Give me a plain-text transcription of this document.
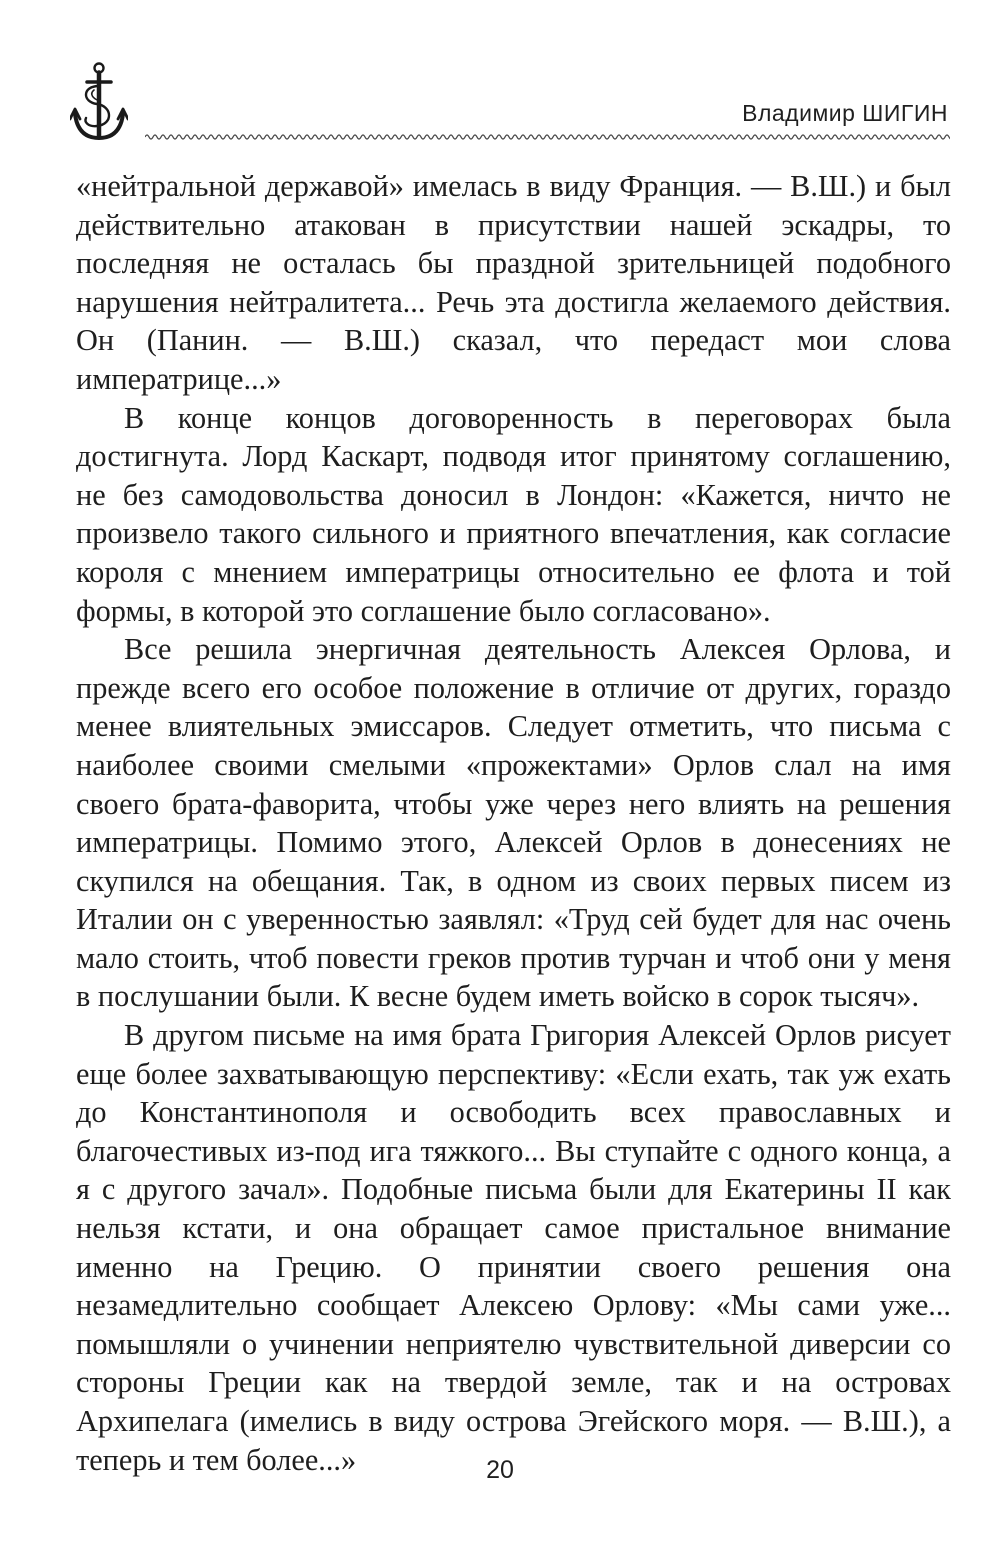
Владимир ШИГИН

«нейтральной державой» имелась в виду Франция. — В.Ш.) и был действительно атакован в присутствии нашей эскадры, то последняя не осталась бы праздной зрительницей подобного нарушения нейтралитета... Речь эта достигла желаемого действия. Он (Панин. — В.Ш.) сказал, что передаст мои слова императрице...»

В конце концов договоренность в переговорах была достигнута. Лорд Каскарт, подводя итог принятому соглашению, не без самодовольства доносил в Лондон: «Кажется, ничто не произвело такого сильного и приятного впечатления, как согласие короля с мнением императрицы относительно ее флота и той формы, в которой это соглашение было согласовано».

Все решила энергичная деятельность Алексея Орлова, и прежде всего его особое положение в отличие от других, гораздо менее влиятельных эмиссаров. Следует отметить, что письма с наиболее своими смелыми «прожектами» Орлов слал на имя своего брата-фаворита, чтобы уже через него влиять на решения императрицы. Помимо этого, Алексей Орлов в донесениях не скупился на обещания. Так, в одном из своих первых писем из Италии он с уверенностью заявлял: «Труд сей будет для нас очень мало стоить, чтоб повести греков против турчан и чтоб они у меня в послушании были. К весне будем иметь войско в сорок тысяч».

В другом письме на имя брата Григория Алексей Орлов рисует еще более захватывающую перспективу: «Если ехать, так уж ехать до Константинополя и освободить всех православных и благочестивых из-под ига тяжкого... Вы ступайте с одного конца, а я с другого зачал». Подобные письма были для Екатерины II как нельзя кстати, и она обращает самое пристальное внимание именно на Грецию. О принятии своего решения она незамедлительно сообщает Алексею Орлову: «Мы сами уже... помышляли о учинении неприятелю чувствительной диверсии со стороны Греции как на твердой земле, так и на островах Архипелага (имелись в виду острова Эгейского моря. — В.Ш.), а теперь и тем более...»	20
